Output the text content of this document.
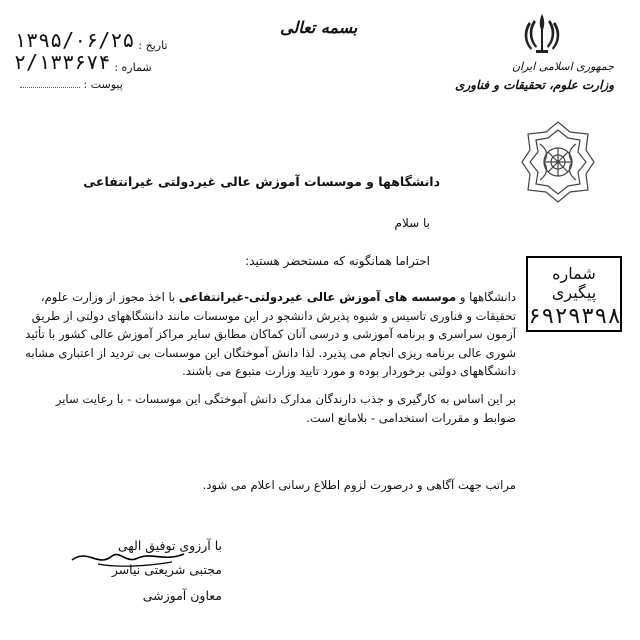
بسمه تعالی
۱۳۹۵/۰۶/۲۵ : تاریخ
۲/۱۳۳۶۷۴ : شماره
: پیوست
جمهوری اسلامی ایران
وزارت علوم، تحقیقات و فناوری
شماره پیگیری
۶۹۲۹۳۹۸
دانشگاهها و موسسات آموزش عالی غیردولتی غیرانتفاعی
با سلام
احتراما همانگونه که مستحضر هستید:
دانشگاهها و موسسه های آموزش عالی غیردولتی-غیرانتفاعی با اخذ مجوز از وزارت علوم، تحقیقات و فناوری تاسیس و شیوه پذیرش دانشجو در این موسسات مانند دانشگاههای دولتی از طریق آزمون سراسری و برنامه آموزشی و درسی آنان کماکان مطابق سایر مراکز آموزش عالی کشور با تأئید شوری عالی برنامه ریزی انجام می پذیرد. لذا دانش آموختگان این موسسات بی تردید از اعتباری مشابه دانشگاههای دولتی برخوردار بوده و مورد تایید وزارت متبوع می باشند.
بر این اساس به کارگیری و جذب دارندگان مدارک دانش آموختگی این موسسات - با رعایت سایر ضوابط و مقررات استخدامی - بلامانع است.
مراتب جهت آگاهی و درصورت لزوم اطلاع رسانی اعلام می شود.
با آرزوی توفیق الهی
مجتبی شریعتی نیاسر
معاون آموزشی
